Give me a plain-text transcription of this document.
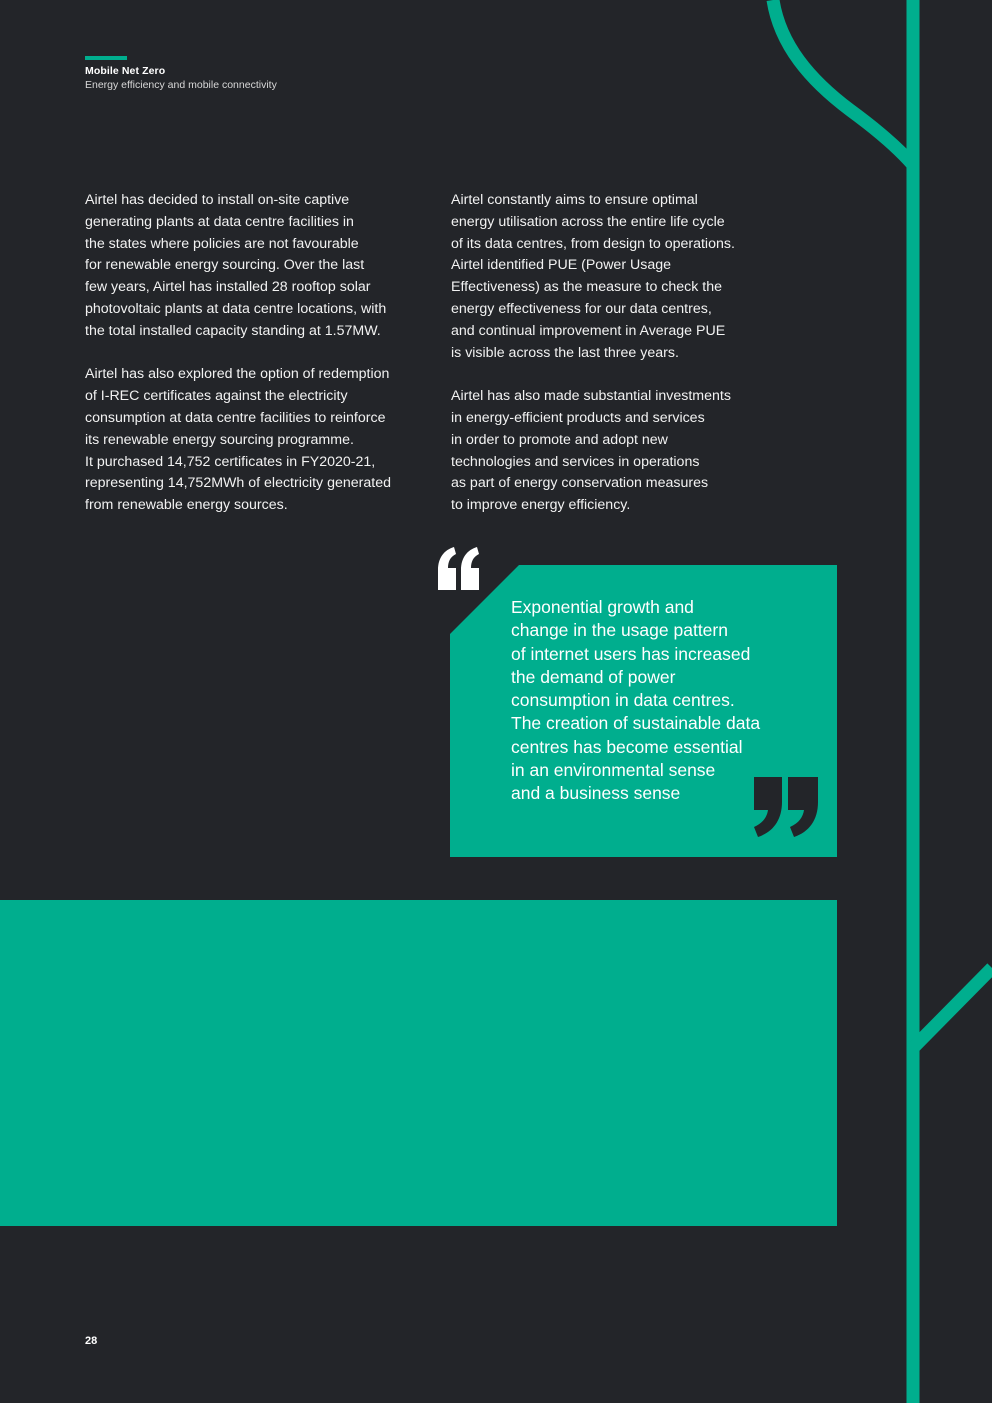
Mobile Net Zero
Energy efficiency and mobile connectivity

Airtel has decided to install on-site captive
generating plants at data centre facilities in
the states where policies are not favourable
for renewable energy sourcing. Over the last
few years, Airtel has installed 28 rooftop solar
photovoltaic plants at data centre locations, with
the total installed capacity standing at 1.57MW.

Airtel has also explored the option of redemption
of I-REC certificates against the electricity
consumption at data centre facilities to reinforce
its renewable energy sourcing programme.
It purchased 14,752 certificates in FY2020-21,
representing 14,752MWh of electricity generated
from renewable energy sources.

Airtel constantly aims to ensure optimal
energy utilisation across the entire life cycle
of its data centres, from design to operations.
Airtel identified PUE (Power Usage
Effectiveness) as the measure to check the
energy effectiveness for our data centres,
and continual improvement in Average PUE
is visible across the last three years.

Airtel has also made substantial investments
in energy-efficient products and services
in order to promote and adopt new
technologies and services in operations
as part of energy conservation measures
to improve energy efficiency.

Exponential growth and
change in the usage pattern
of internet users has increased
the demand of power
consumption in data centres.
The creation of sustainable data
centres has become essential
in an environmental sense
and a business sense
28
